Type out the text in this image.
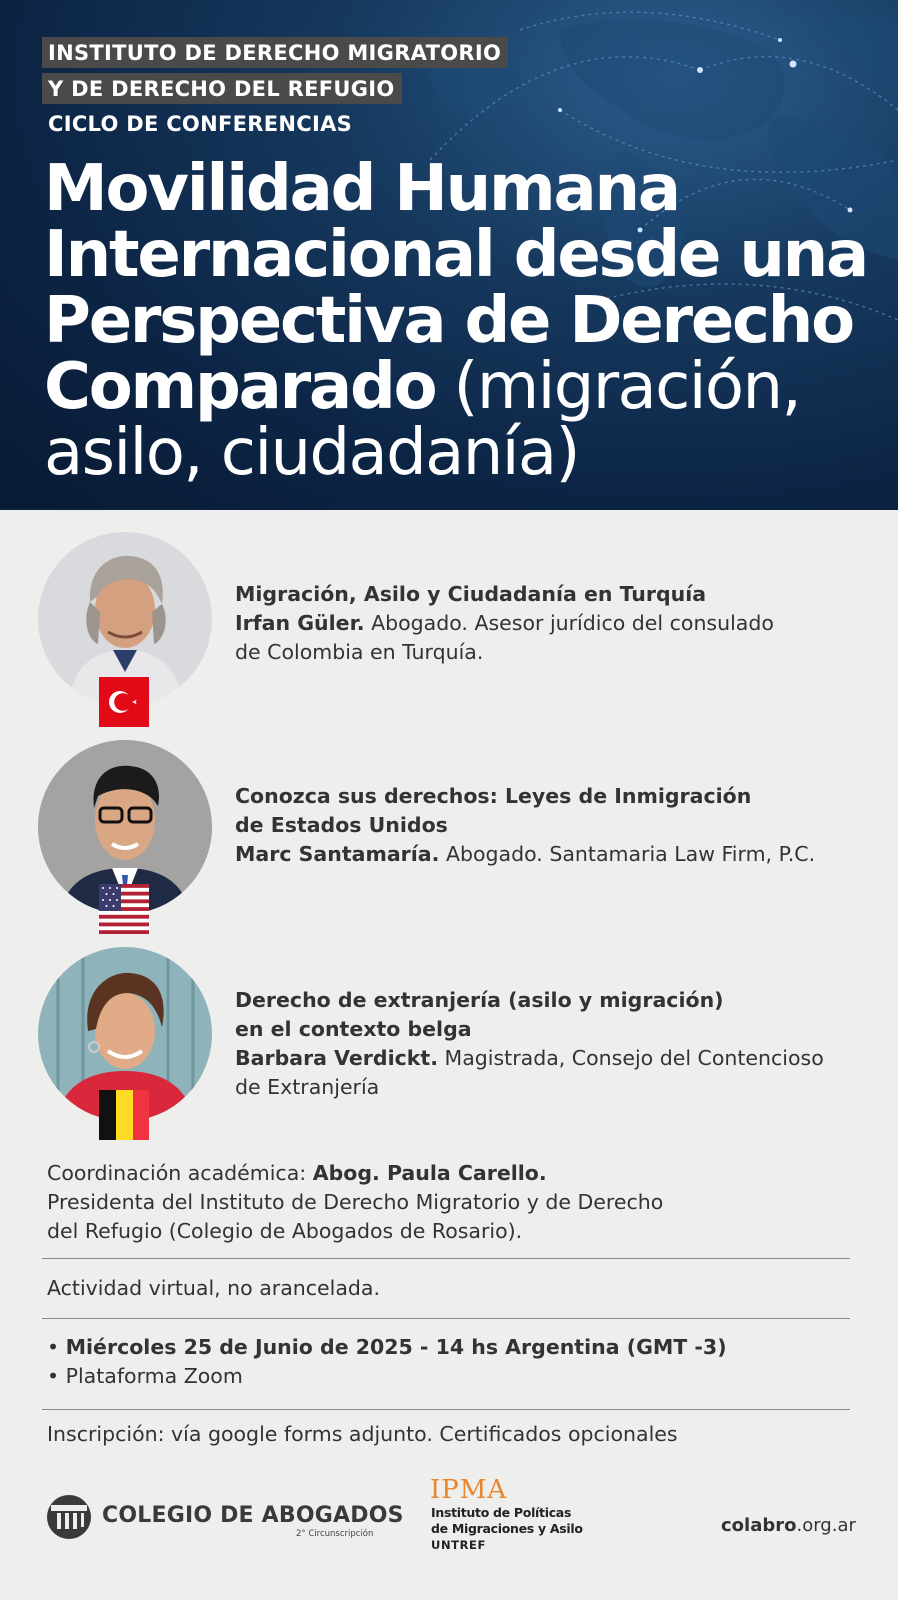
INSTITUTO DE DERECHO MIGRATORIO
Y DE DERECHO DEL REFUGIO
CICLO DE CONFERENCIAS
Movilidad Humana
Internacional desde una
Perspectiva de Derecho
Comparado (migración,
asilo, ciudadanía)
Migración, Asilo y Ciudadanía en Turquía
Irfan Güler. Abogado. Asesor jurídico del consulado
de Colombia en Turquía.
Conozca sus derechos: Leyes de Inmigración
de Estados Unidos
Marc Santamaría. Abogado. Santamaria Law Firm, P.C.
Derecho de extranjería (asilo y migración)
en el contexto belga
Barbara Verdickt. Magistrada, Consejo del Contencioso
de Extranjería
Coordinación académica: Abog. Paula Carello.
Presidenta del Instituto de Derecho Migratorio y de Derecho
del Refugio (Colegio de Abogados de Rosario).
Actividad virtual, no arancelada.
• Miércoles 25 de Junio de 2025 - 14 hs Argentina (GMT -3)
• Plataforma Zoom
Inscripción: vía google forms adjunto. Certificados opcionales
COLEGIO DE ABOGADOS
2° Circunscripción
IPMA
Instituto de Políticas
de Migraciones y Asilo
UNTREF
colabro.org.ar
